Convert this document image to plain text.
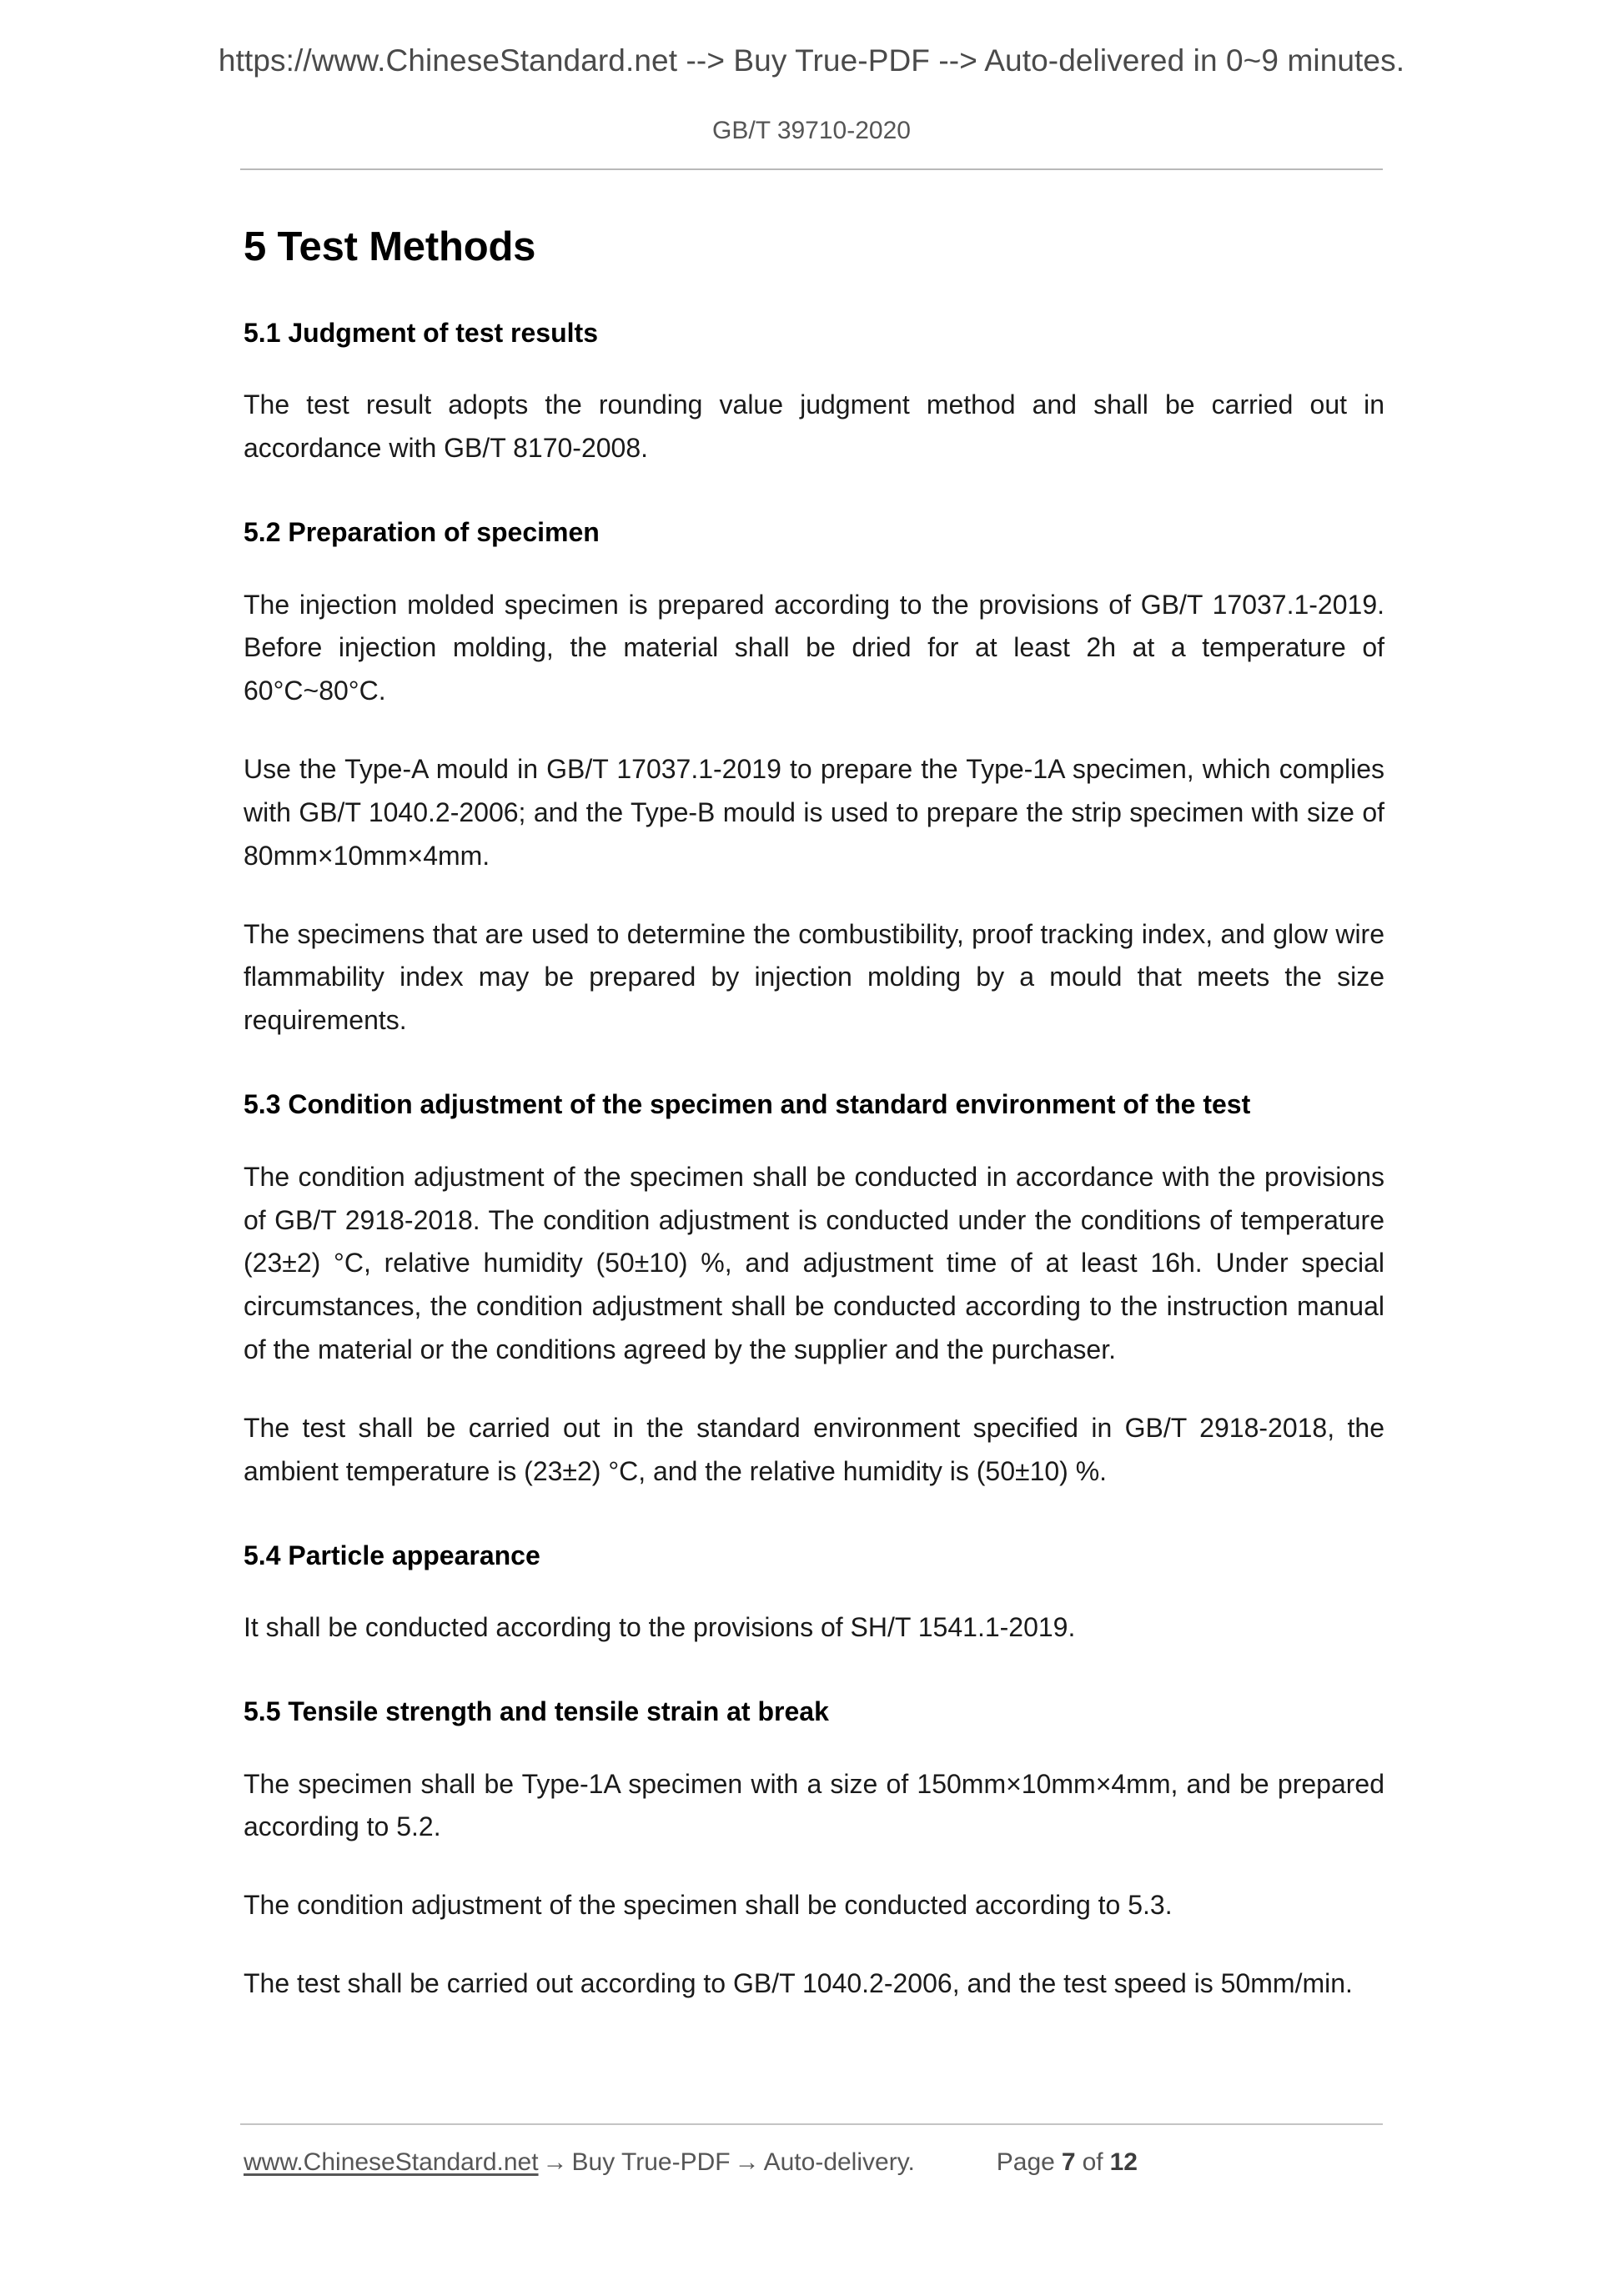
https://www.ChineseStandard.net --> Buy True-PDF --> Auto-delivered in 0~9 minutes.
GB/T 39710-2020
5 Test Methods
5.1 Judgment of test results

The test result adopts the rounding value judgment method and shall be carried out in accordance with GB/T 8170-2008.

5.2 Preparation of specimen

The injection molded specimen is prepared according to the provisions of GB/T 17037.1-2019. Before injection molding, the material shall be dried for at least 2h at a temperature of 60°C~80°C.

Use the Type-A mould in GB/T 17037.1-2019 to prepare the Type-1A specimen, which complies with GB/T 1040.2-2006; and the Type-B mould is used to prepare the strip specimen with size of 80mm×10mm×4mm.

The specimens that are used to determine the combustibility, proof tracking index, and glow wire flammability index may be prepared by injection molding by a mould that meets the size requirements.

5.3 Condition adjustment of the specimen and standard environment of the test

The condition adjustment of the specimen shall be conducted in accordance with the provisions of GB/T 2918-2018. The condition adjustment is conducted under the conditions of temperature (23±2) °C, relative humidity (50±10) %, and adjustment time of at least 16h. Under special circumstances, the condition adjustment shall be conducted according to the instruction manual of the material or the conditions agreed by the supplier and the purchaser.

The test shall be carried out in the standard environment specified in GB/T 2918-2018, the ambient temperature is (23±2) °C, and the relative humidity is (50±10) %.

5.4 Particle appearance

It shall be conducted according to the provisions of SH/T 1541.1-2019.

5.5 Tensile strength and tensile strain at break

The specimen shall be Type-1A specimen with a size of 150mm×10mm×4mm, and be prepared according to 5.2.

The condition adjustment of the specimen shall be conducted according to 5.3.

The test shall be carried out according to GB/T 1040.2-2006, and the test speed is 50mm/min.

www.ChineseStandard.net → Buy True-PDF → Auto-delivery.	Page 7 of 12
